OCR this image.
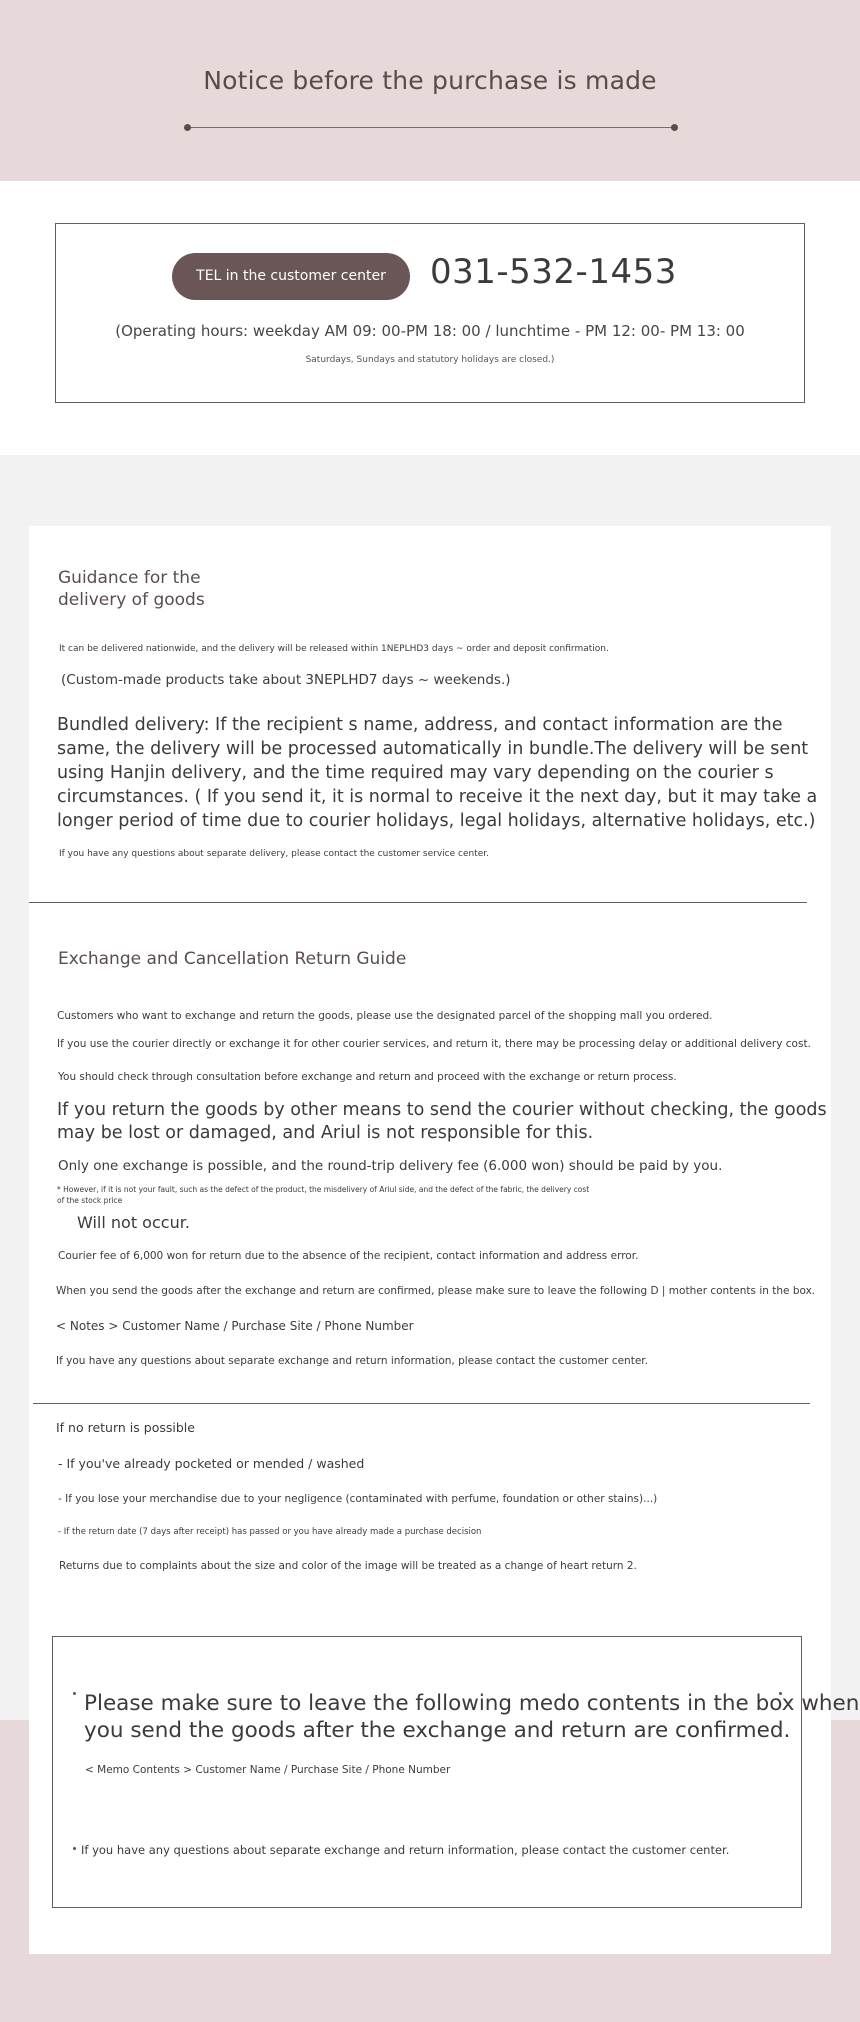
Notice before the purchase is made
TEL in the customer center	031-532-1453
(Operating hours: weekday AM 09: 00-PM 18: 00 / lunchtime - PM 12: 00- PM 13: 00
Saturdays, Sundays and statutory holidays are closed.)
Guidance for the
delivery of goods
It can be delivered nationwide, and the delivery will be released within 1NEPLHD3 days ~ order and deposit confirmation.
(Custom-made products take about 3NEPLHD7 days ~ weekends.)
Bundled delivery: If the recipient s name, address, and contact information are the
same, the delivery will be processed automatically in bundle.The delivery will be sent
using Hanjin delivery, and the time required may vary depending on the courier s
circumstances. ( If you send it, it is normal to receive it the next day, but it may take a
longer period of time due to courier holidays, legal holidays, alternative holidays, etc.)
If you have any questions about separate delivery, please contact the customer service center.
Exchange and Cancellation Return Guide
Customers who want to exchange and return the goods, please use the designated parcel of the shopping mall you ordered.
If you use the courier directly or exchange it for other courier services, and return it, there may be processing delay or additional delivery cost.
You should check through consultation before exchange and return and proceed with the exchange or return process.
If you return the goods by other means to send the courier without checking, the goods
may be lost or damaged, and Ariul is not responsible for this.
Only one exchange is possible, and the round-trip delivery fee (6.000 won) should be paid by you.
* However, if it is not your fault, such as the defect of the product, the misdelivery of Ariul side, and the defect of the fabric, the delivery cost
of the stock price
Will not occur.
Courier fee of 6,000 won for return due to the absence of the recipient, contact information and address error.
When you send the goods after the exchange and return are confirmed, please make sure to leave the following D | mother contents in the box.
< Notes > Customer Name / Purchase Site / Phone Number
If you have any questions about separate exchange and return information, please contact the customer center.
If no return is possible
- If you've already pocketed or mended / washed
- If you lose your merchandise due to your negligence (contaminated with perfume, foundation or other stains)...)
- If the return date (7 days after receipt) has passed or you have already made a purchase decision
Returns due to complaints about the size and color of the image will be treated as a change of heart return 2.
Please make sure to leave the following medo contents in the box when
you send the goods after the exchange and return are confirmed.
< Memo Contents > Customer Name / Purchase Site / Phone Number
If you have any questions about separate exchange and return information, please contact the customer center.
